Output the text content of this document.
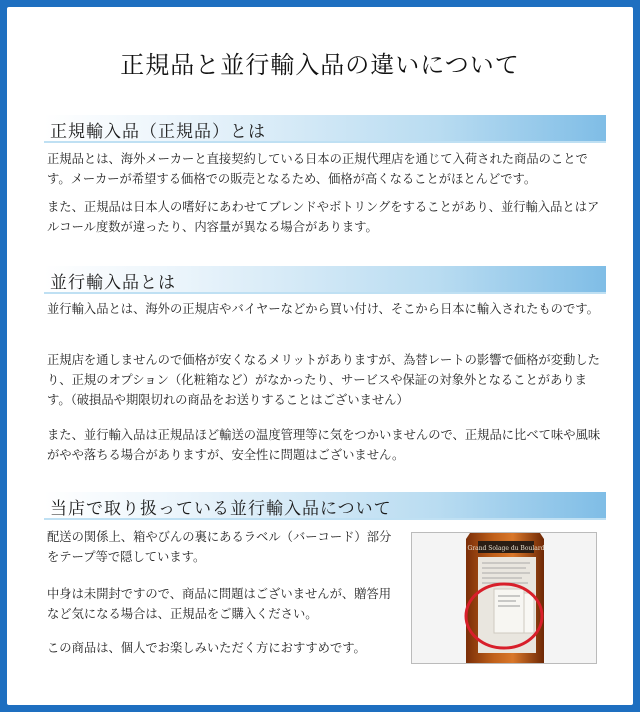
正規品と並行輸入品の違いについて
正規輸入品（正規品）とは

正規品とは、海外メーカーと直接契約している日本の正規代理店を通じて入荷された商品のことです。メーカーが希望する価格での販売となるため、価格が高くなることがほとんどです。

また、正規品は日本人の嗜好にあわせてブレンドやボトリングをすることがあり、並行輸入品とはアルコール度数が違ったり、内容量が異なる場合があります。

並行輸入品とは

並行輸入品とは、海外の正規店やバイヤーなどから買い付け、そこから日本に輸入されたものです。

正規店を通しませんので価格が安くなるメリットがありますが、為替レートの影響で価格が変動したり、正規のオプション（化粧箱など）がなかったり、サービスや保証の対象外となることがあります。（破損品や期限切れの商品をお送りすることはございません）

また、並行輸入品は正規品ほど輸送の温度管理等に気をつかいませんので、正規品に比べて味や風味がやや落ちる場合がありますが、安全性に問題はございません。

当店で取り扱っている並行輸入品について

配送の関係上、箱やびんの裏にあるラベル（バーコード）部分をテープ等で隠しています。

中身は未開封ですので、商品に問題はございませんが、贈答用など気になる場合は、正規品をご購入ください。

この商品は、個人でお楽しみいただく方におすすめです。

Grand Solage du Boulard
